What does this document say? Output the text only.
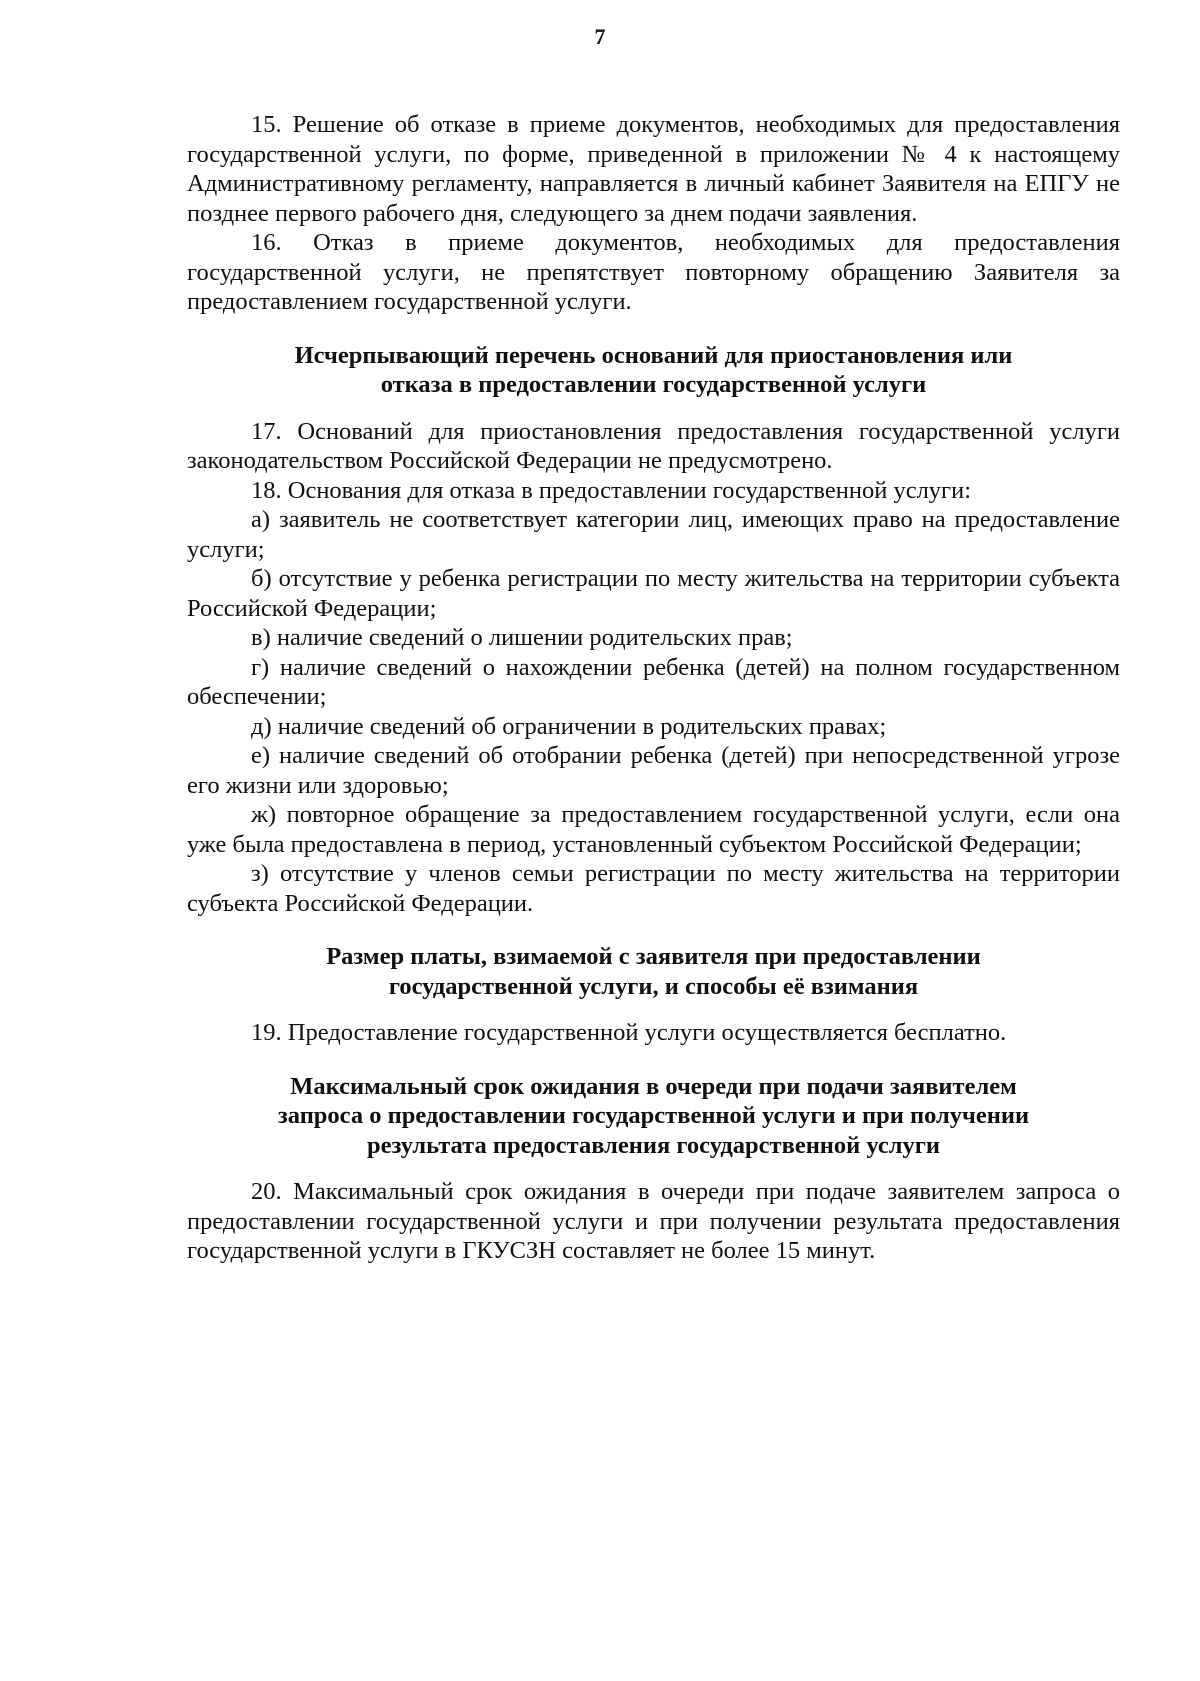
7

15. Решение об отказе в приеме документов, необходимых для предоставления государственной услуги, по форме, приведенной в приложении № 4 к настоящему Административному регламенту, направляется в личный кабинет Заявителя на ЕПГУ не позднее первого рабочего дня, следующего за днем подачи заявления.

16. Отказ в приеме документов, необходимых для предоставления государственной услуги, не препятствует повторному обращению Заявителя за предоставлением государственной услуги.

Исчерпывающий перечень оснований для приостановления или
отказа в предоставлении государственной услуги

17. Оснований для приостановления предоставления государственной услуги законодательством Российской Федерации не предусмотрено.

18. Основания для отказа в предоставлении государственной услуги:

а) заявитель не соответствует категории лиц, имеющих право на предоставление услуги;

б) отсутствие у ребенка регистрации по месту жительства на территории субъекта Российской Федерации;

в) наличие сведений о лишении родительских прав;

г) наличие сведений о нахождении ребенка (детей) на полном государственном обеспечении;

д) наличие сведений об ограничении в родительских правах;

е) наличие сведений об отобрании ребенка (детей) при непосредственной угрозе его жизни или здоровью;

ж) повторное обращение за предоставлением государственной услуги, если она уже была предоставлена в период, установленный субъектом Российской Федерации;

з) отсутствие у членов семьи регистрации по месту жительства на территории субъекта Российской Федерации.

Размер платы, взимаемой с заявителя при предоставлении
государственной услуги, и способы её взимания

19. Предоставление государственной услуги осуществляется бесплатно.

Максимальный срок ожидания в очереди при подачи заявителем
запроса о предоставлении государственной услуги и при получении
результата предоставления государственной услуги

20. Максимальный срок ожидания в очереди при подаче заявителем запроса о предоставлении государственной услуги и при получении результата предоставления государственной услуги в ГКУСЗН составляет не более 15 минут.
